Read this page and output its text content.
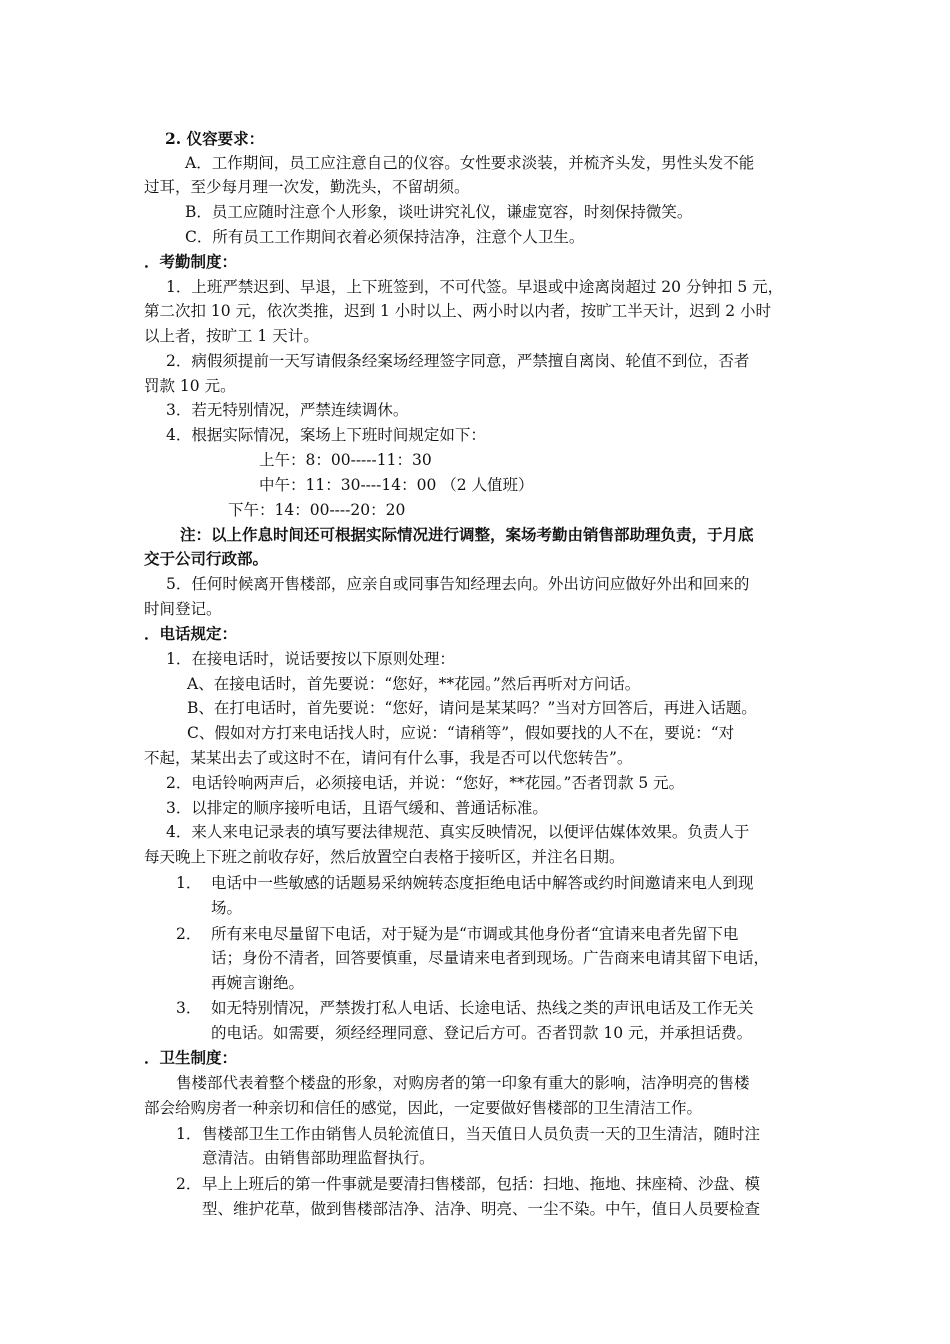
2. 仪容要求：
A．工作期间，员工应注意自己的仪容。女性要求淡装，并梳齐头发，男性头发不能
过耳，至少每月理一次发，勤洗头，不留胡须。
B．员工应随时注意个人形象，谈吐讲究礼仪，谦虚宽容，时刻保持微笑。
C．所有员工工作期间衣着必须保持洁净，注意个人卫生。
．考勤制度：
1．上班严禁迟到、早退，上下班签到，不可代签。早退或中途离岗超过 20 分钟扣 5 元，
第二次扣 10 元，依次类推，迟到 1 小时以上、两小时以内者，按旷工半天计，迟到 2 小时
以上者，按旷工 1 天计。
2．病假须提前一天写请假条经案场经理签字同意，严禁擅自离岗、轮值不到位，否者
罚款 10 元。
3．若无特别情况，严禁连续调休。
4．根据实际情况，案场上下班时间规定如下：
上午：8：00-----11：30
中午：11：30----14：00 （2 人值班）
下午：14：00----20：20
注：以上作息时间还可根据实际情况进行调整，案场考勤由销售部助理负责，于月底
交于公司行政部。
5．任何时候离开售楼部，应亲自或同事告知经理去向。外出访问应做好外出和回来的
时间登记。
．电话规定：
1．在接电话时，说话要按以下原则处理：
A、在接电话时，首先要说：“您好，**花园。”然后再听对方问话。
B、在打电话时，首先要说：“您好，请问是某某吗？”当对方回答后，再进入话题。
C、假如对方打来电话找人时，应说：“请稍等”，假如要找的人不在，要说：“对
不起，某某出去了或这时不在，请问有什么事，我是否可以代您转告”。
2．电话铃响两声后，必须接电话，并说：“您好，**花园。”否者罚款 5 元。
3．以排定的顺序接听电话，且语气缓和、普通话标准。
4．来人来电记录表的填写要法律规范、真实反映情况，以便评估媒体效果。负责人于
每天晚上下班之前收存好，然后放置空白表格于接听区，并注名日期。
1． 电话中一些敏感的话题易采纳婉转态度拒绝电话中解答或约时间邀请来电人到现
场。
2． 所有来电尽量留下电话，对于疑为是“市调或其他身份者“宜请来电者先留下电
话；身份不清者，回答要慎重，尽量请来电者到现场。广告商来电请其留下电话，
再婉言谢绝。
3． 如无特别情况，严禁拨打私人电话、长途电话、热线之类的声讯电话及工作无关
的电话。如需要，须经经理同意、登记后方可。否者罚款 10 元，并承担话费。
．卫生制度：
售楼部代表着整个楼盘的形象，对购房者的第一印象有重大的影响，洁净明亮的售楼
部会给购房者一种亲切和信任的感觉，因此，一定要做好售楼部的卫生清洁工作。
1． 售楼部卫生工作由销售人员轮流值日，当天值日人员负责一天的卫生清洁，随时注
意清洁。由销售部助理监督执行。
2． 早上上班后的第一件事就是要清扫售楼部，包括：扫地、拖地、抹座椅、沙盘、模
型、维护花草，做到售楼部洁净、洁净、明亮、一尘不染。中午，值日人员要检查
